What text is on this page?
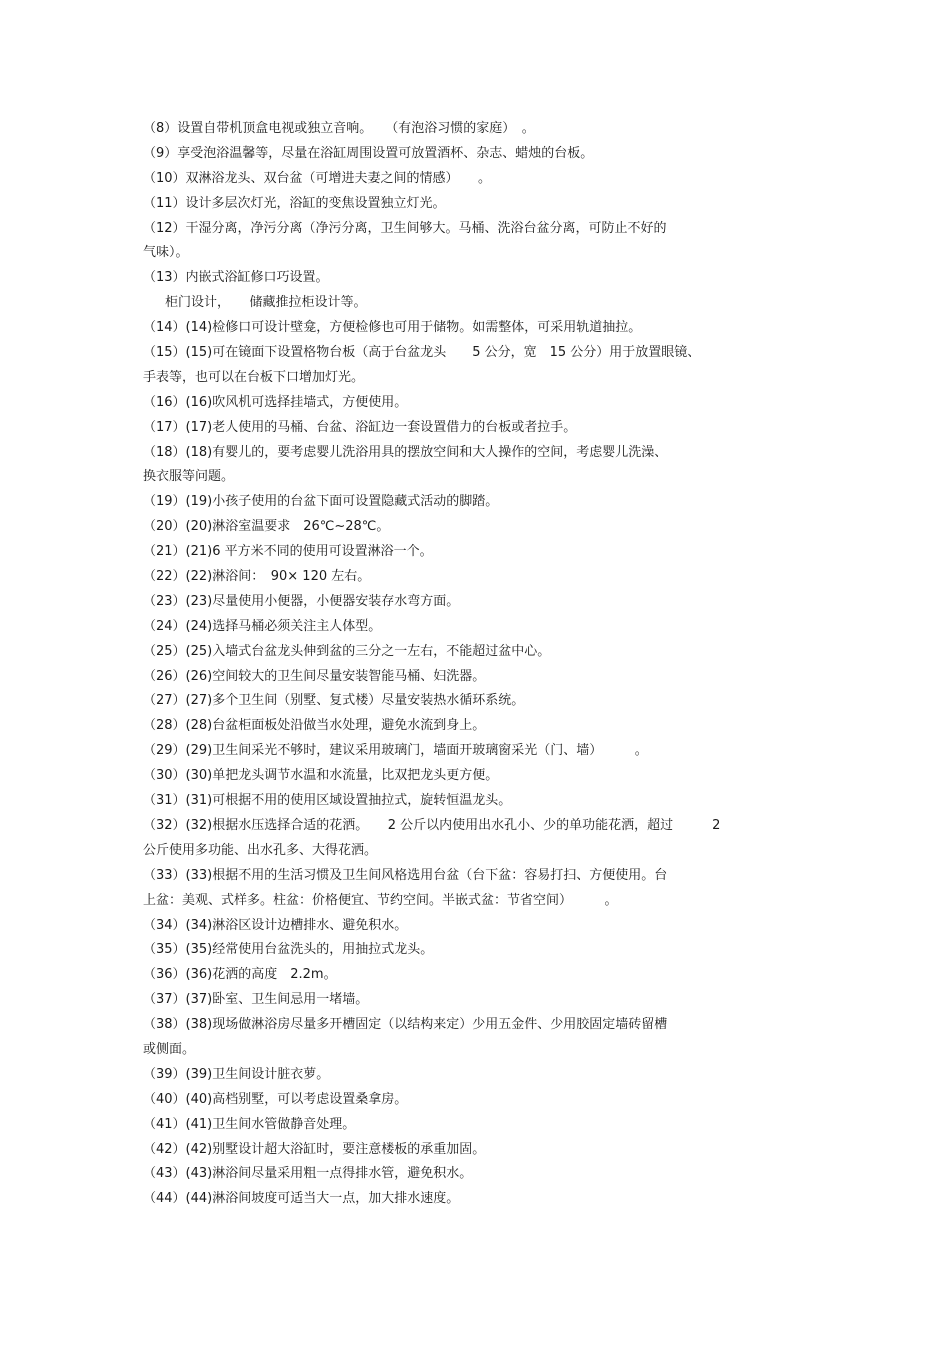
（8）设置自带机顶盒电视或独立音响。　　（有泡浴习惯的家庭）　。
（9）享受泡浴温馨等，尽量在浴缸周围设置可放置酒杯、杂志、蜡烛的台板。
（10）双淋浴龙头、双台盆（可增进夫妻之间的情感）　　。
（11）设计多层次灯光，浴缸的变焦设置独立灯光。
（12）干湿分离，净污分离（净污分离，卫生间够大。马桶、洗浴台盆分离，可防止不好的
气味）。
（13）内嵌式浴缸修口巧设置。
柜门设计，　　储藏推拉柜设计等。
（14）(14)检修口可设计壁龛，方便检修也可用于储物。如需整体，可采用轨道抽拉。
（15）(15)可在镜面下设置格物台板（高于台盆龙头　　5 公分，宽　15 公分）用于放置眼镜、
手表等，也可以在台板下口增加灯光。
（16）(16)吹风机可选择挂墙式，方便使用。
（17）(17)老人使用的马桶、台盆、浴缸边一套设置借力的台板或者拉手。
（18）(18)有婴儿的，要考虑婴儿洗浴用具的摆放空间和大人操作的空间，考虑婴儿洗澡、
换衣服等问题。
（19）(19)小孩子使用的台盆下面可设置隐藏式活动的脚踏。
（20）(20)淋浴室温要求　26℃~28℃。
（21）(21)6 平方米不同的使用可设置淋浴一个。
（22）(22)淋浴间：　90× 120 左右。
（23）(23)尽量使用小便器，小便器安装存水弯方面。
（24）(24)选择马桶必须关注主人体型。
（25）(25)入墙式台盆龙头伸到盆的三分之一左右，不能超过盆中心。
（26）(26)空间较大的卫生间尽量安装智能马桶、妇洗器。
（27）(27)多个卫生间（别墅、复式楼）尽量安装热水循环系统。
（28）(28)台盆柜面板处沿做当水处理，避免水流到身上。
（29）(29)卫生间采光不够时，建议采用玻璃门，墙面开玻璃窗采光（门、墙）　　　。
（30）(30)单把龙头调节水温和水流量，比双把龙头更方便。
（31）(31)可根据不用的使用区域设置抽拉式，旋转恒温龙头。
（32）(32)根据水压选择合适的花洒。　　2 公斤以内使用出水孔小、少的单功能花洒，超过　　　2
公斤使用多功能、出水孔多、大得花洒。
（33）(33)根据不用的生活习惯及卫生间风格选用台盆（台下盆：容易打扫、方便使用。台
上盆：美观、式样多。柱盆：价格便宜、节约空间。半嵌式盆：节省空间）　　　。
（34）(34)淋浴区设计边槽排水、避免积水。
（35）(35)经常使用台盆洗头的，用抽拉式龙头。
（36）(36)花洒的高度　2.2m。
（37）(37)卧室、卫生间忌用一堵墙。
（38）(38)现场做淋浴房尽量多开槽固定（以结构来定）少用五金件、少用胶固定墙砖留槽
或侧面。
（39）(39)卫生间设计脏衣萝。
（40）(40)高档别墅，可以考虑设置桑拿房。
（41）(41)卫生间水管做静音处理。
（42）(42)别墅设计超大浴缸时，要注意楼板的承重加固。
（43）(43)淋浴间尽量采用粗一点得排水管，避免积水。
（44）(44)淋浴间坡度可适当大一点，加大排水速度。
